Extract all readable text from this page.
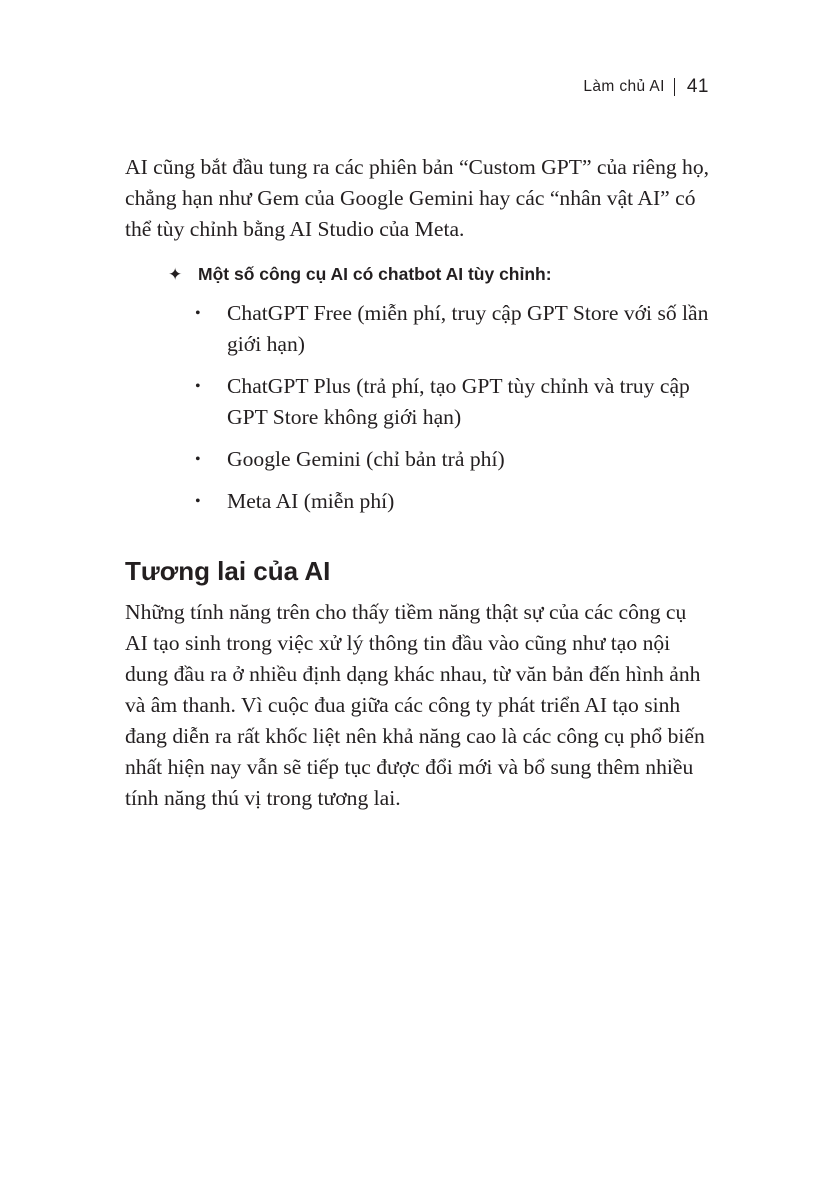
Làm chủ AI 41

AI cũng bắt đầu tung ra các phiên bản “Custom GPT” của riêng họ, chẳng hạn như Gem của Google Gemini hay các “nhân vật AI” có thể tùy chỉnh bằng AI Studio của Meta.

✦ Một số công cụ AI có chatbot AI tùy chỉnh:
•	ChatGPT Free (miễn phí, truy cập GPT Store với số lần giới hạn)
•	ChatGPT Plus (trả phí, tạo GPT tùy chỉnh và truy cập GPT Store không giới hạn)
•	Google Gemini (chỉ bản trả phí)
•	Meta AI (miễn phí)
Tương lai của AI

Những tính năng trên cho thấy tiềm năng thật sự của các công cụ AI tạo sinh trong việc xử lý thông tin đầu vào cũng như tạo nội dung đầu ra ở nhiều định dạng khác nhau, từ văn bản đến hình ảnh và âm thanh. Vì cuộc đua giữa các công ty phát triển AI tạo sinh đang diễn ra rất khốc liệt nên khả năng cao là các công cụ phổ biến nhất hiện nay vẫn sẽ tiếp tục được đổi mới và bổ sung thêm nhiều tính năng thú vị trong tương lai.
